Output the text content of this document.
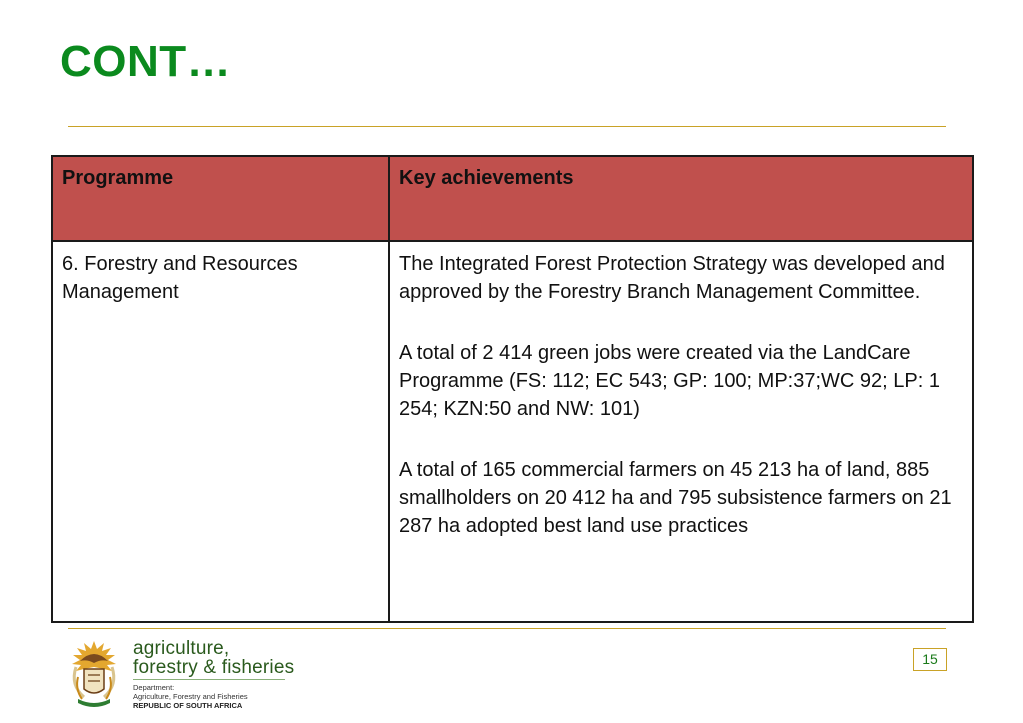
CONT…
Programme	Key achievements
6. Forestry and Resources Management	The Integrated Forest Protection Strategy was developed and approved by the Forestry Branch Management Committee.

A total of 2 414 green jobs were created via the LandCare Programme (FS: 112; EC 543; GP: 100; MP:37;WC 92; LP: 1 254; KZN:50 and NW: 101)

A total of 165 commercial farmers on 45 213 ha of land, 885 smallholders on 20 412 ha and 795 subsistence farmers on 21 287 ha adopted best land use practices

agriculture,
forestry & fisheries
Department:
Agriculture, Forestry and Fisheries
REPUBLIC OF SOUTH AFRICA
15
